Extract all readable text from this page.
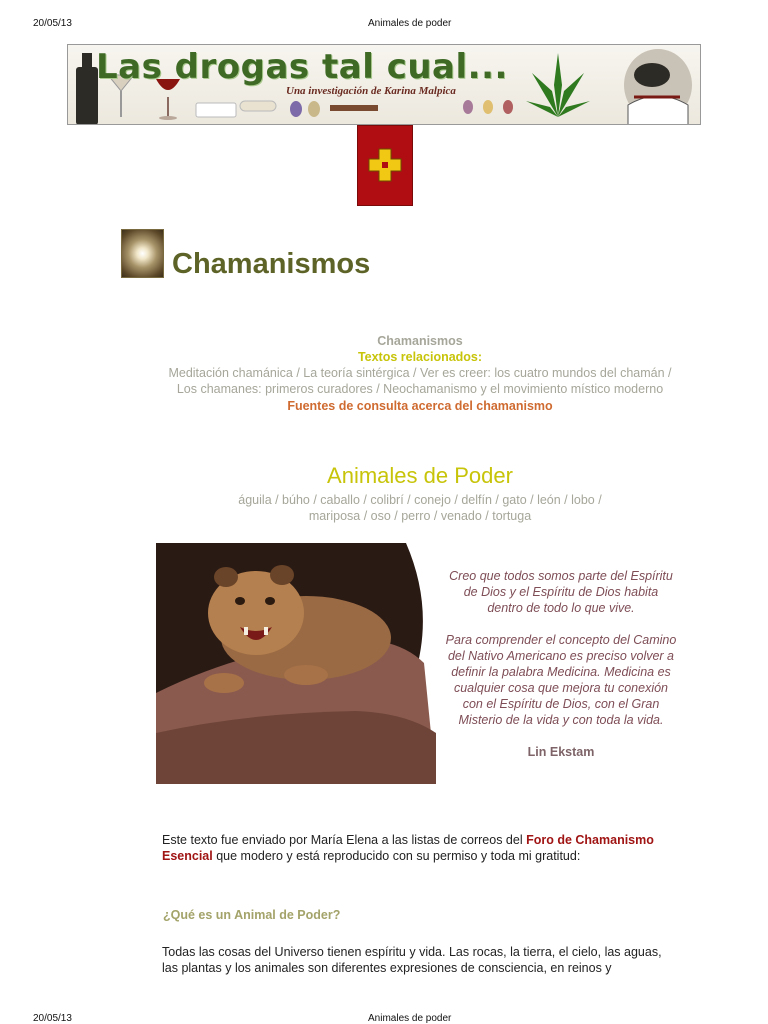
20/05/13	Animales de poder
Las drogas tal cual...
Una investigación de Karina Malpica
Chamanismos
Chamanismos
Textos relacionados:
Meditación chamánica / La teoría sintérgica / Ver es creer: los cuatro mundos del chamán /
Los chamanes: primeros curadores / Neochamanismo y el movimiento místico moderno
Fuentes de consulta acerca del chamanismo
Animales de Poder
águila / búho / caballo / colibrí / conejo / delfín / gato / león / lobo /
mariposa / oso / perro / venado / tortuga
Creo que todos somos parte del Espíritu
de Dios y el Espíritu de Dios habita
dentro de todo lo que vive.
Para comprender el concepto del Camino
del Nativo Americano es preciso volver a
definir la palabra Medicina. Medicina es
cualquier cosa que mejora tu conexión
con el Espíritu de Dios, con el Gran
Misterio de la vida y con toda la vida.
Lin Ekstam
Este texto fue enviado por María Elena a las listas de correos del Foro de Chamanismo
Esencial que modero y está reproducido con su permiso y toda mi gratitud:
¿Qué es un Animal de Poder?
Todas las cosas del Universo tienen espíritu y vida. Las rocas, la tierra, el cielo, las aguas,
las plantas y los animales son diferentes expresiones de consciencia, en reinos y
20/05/13	Animales de poder
